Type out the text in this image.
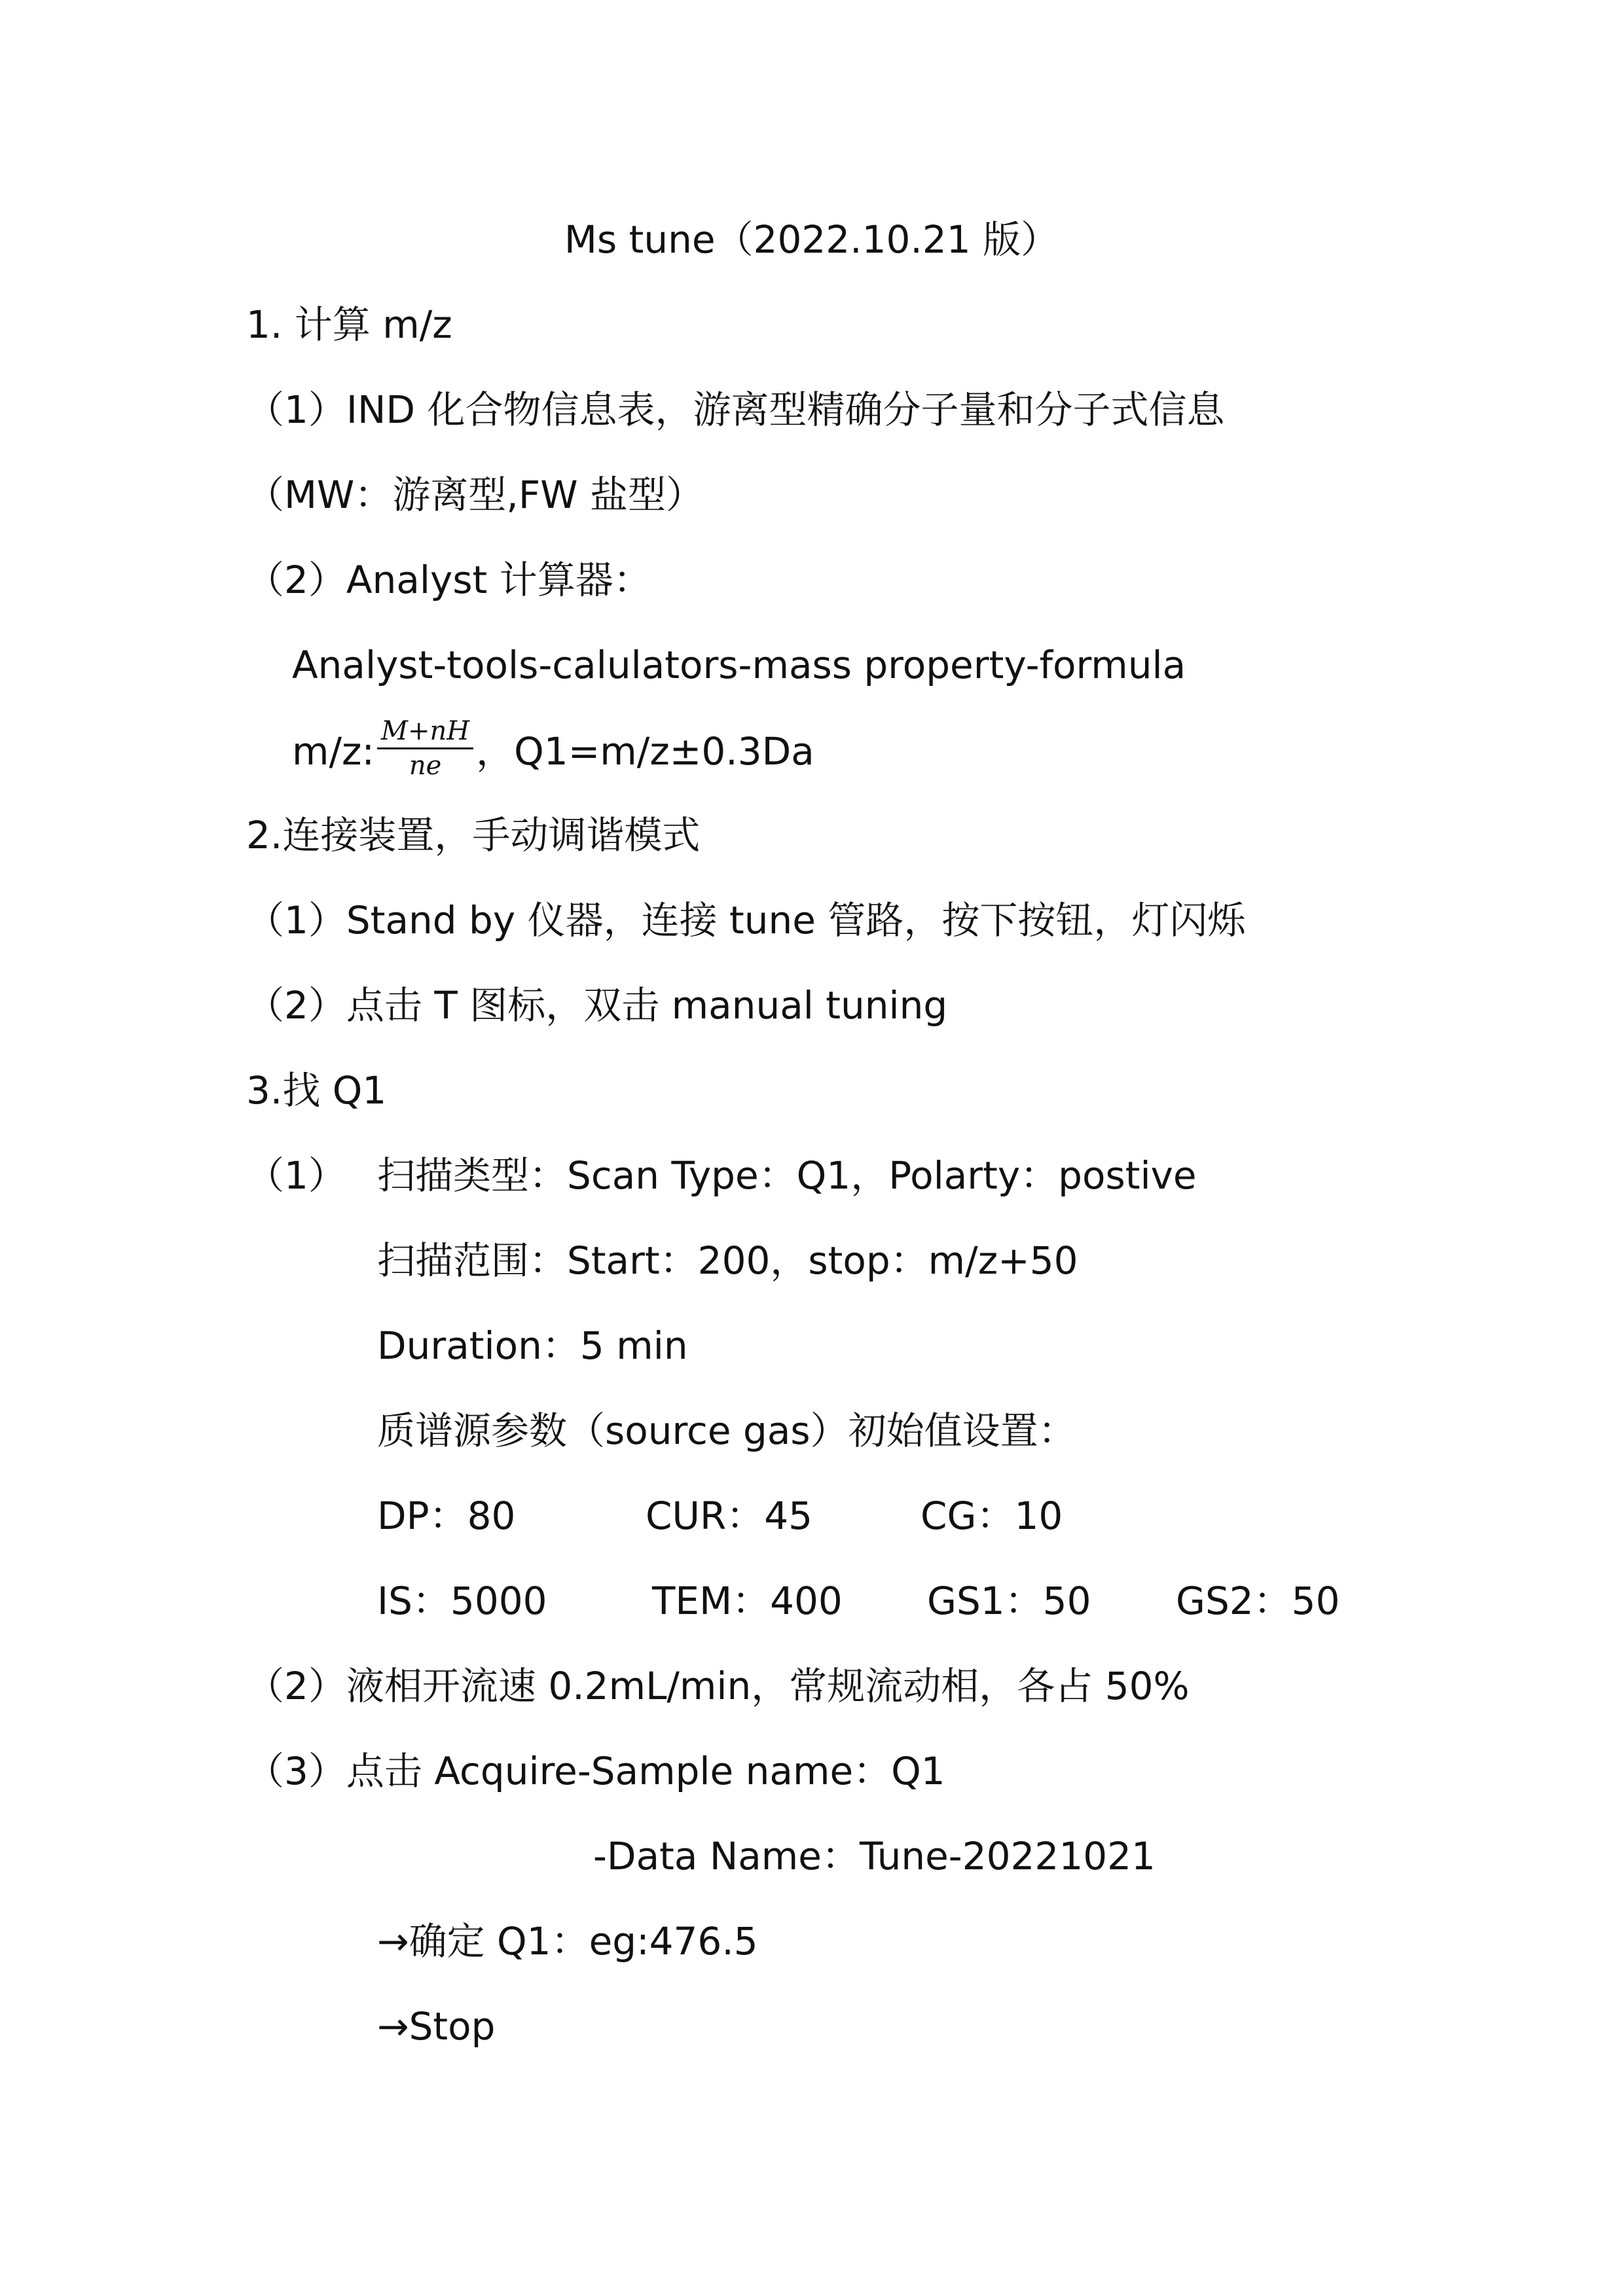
Ms tune（2022.10.21 版）
1. 计算 m/z
（1）IND 化合物信息表，游离型精确分子量和分子式信息
（MW：游离型,FW 盐型）
（2）Analyst 计算器：
Analyst-tools-calulators-mass property-formula
m/z: $\frac{M+nH}{ne}$ ，Q1=m/z±0.3Da
2.连接装置，手动调谐模式
（1）Stand by 仪器，连接 tune 管路，按下按钮，灯闪烁
（2）点击 T 图标，双击 manual tuning
3.找 Q1
（1） 扫描类型：Scan Type：Q1，Polarty：postive
扫描范围：Start：200，stop：m/z+50
Duration：5 min
质谱源参数（source gas）初始值设置：
DP：80	CUR：45	CG：10
IS：5000	TEM：400 GS1：50 GS2：50
（2）液相开流速 0.2mL/min，常规流动相，各占 50%
（3）点击 Acquire-Sample name：Q1
-Data Name：Tune-20221021
→确定 Q1：eg:476.5
→Stop
